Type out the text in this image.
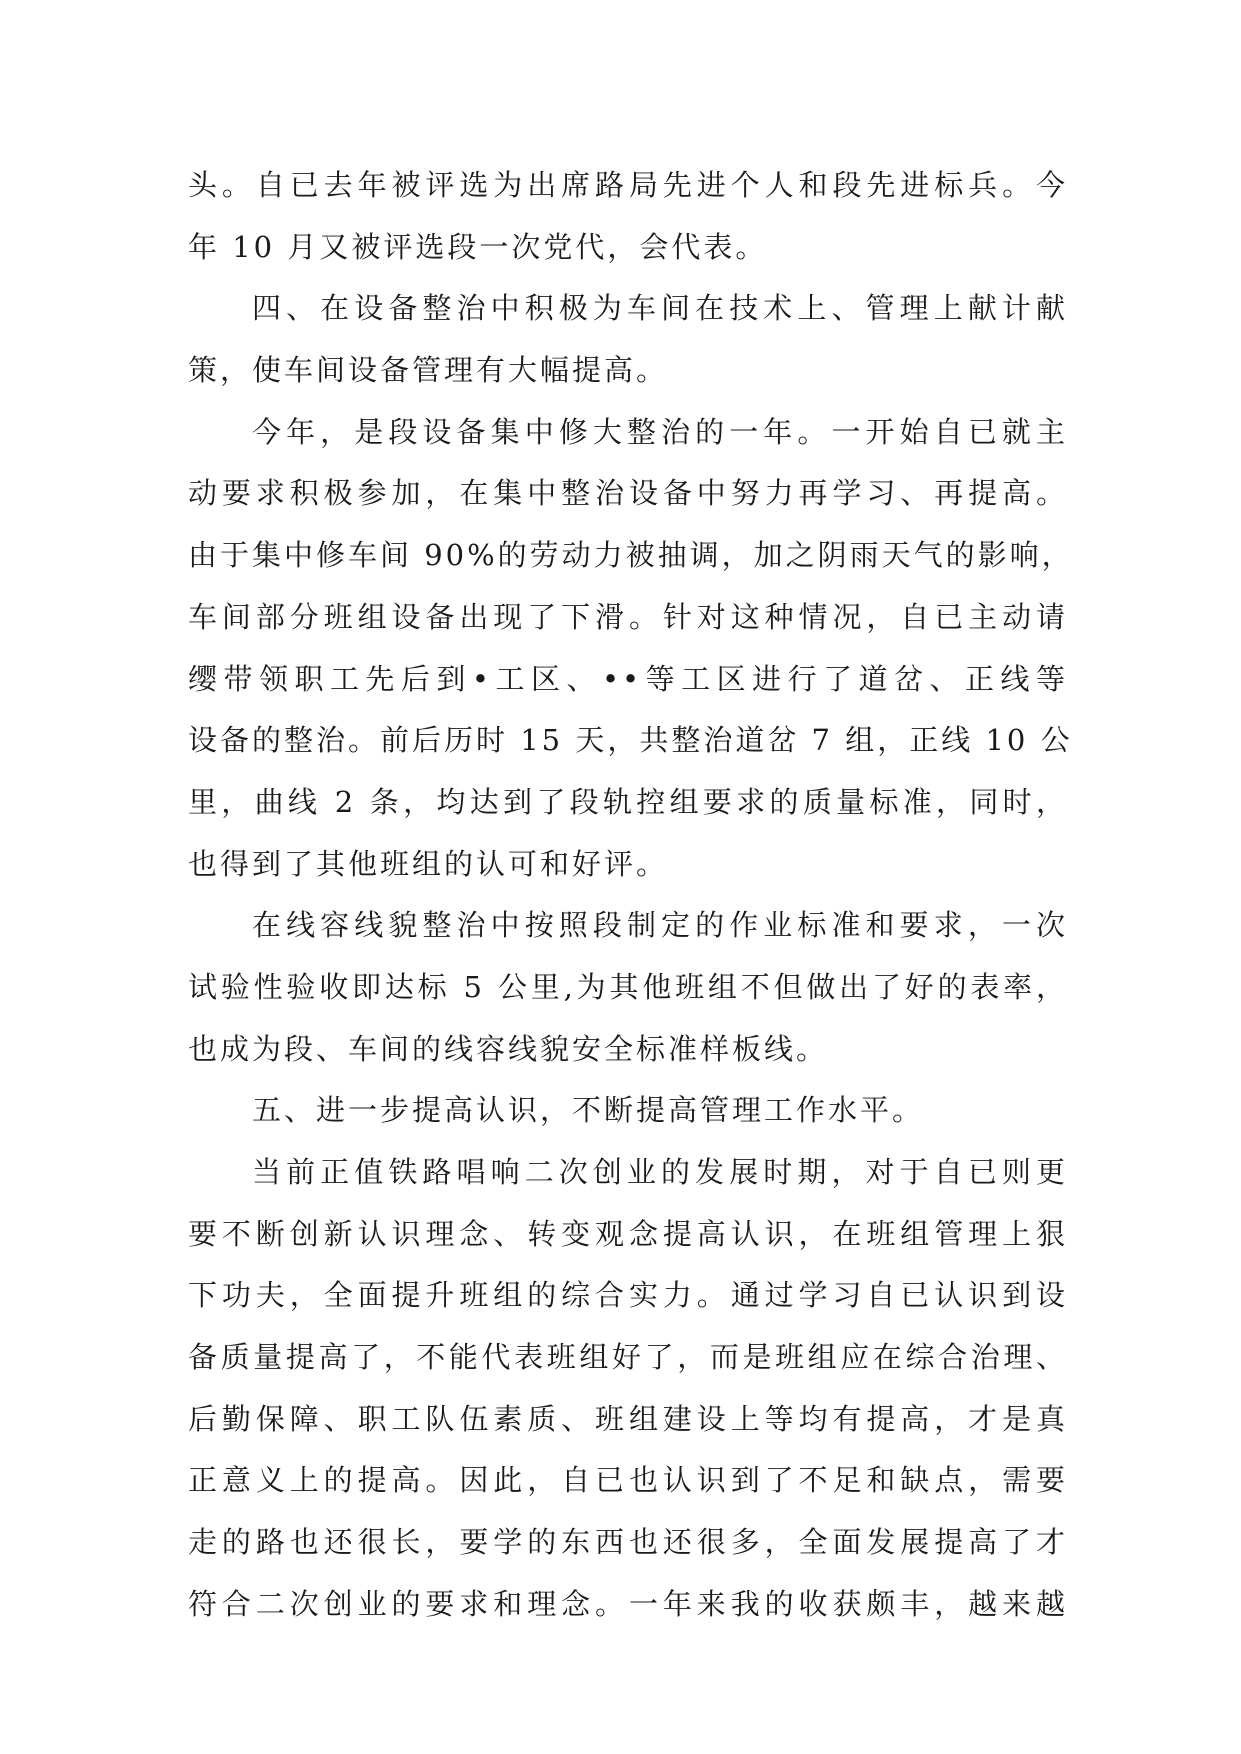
头。自已去年被评选为出席路局先进个人和段先进标兵。今
年 10 月又被评选段一次党代，会代表。
四、在设备整治中积极为车间在技术上、管理上献计献
策，使车间设备管理有大幅提高。
今年，是段设备集中修大整治的一年。一开始自已就主
动要求积极参加，在集中整治设备中努力再学习、再提高。
由于集中修车间 90%的劳动力被抽调，加之阴雨天气的影响，
车间部分班组设备出现了下滑。针对这种情况，自已主动请
缨带领职工先后到•工区、••等工区进行了道岔、正线等
设备的整治。前后历时 15 天，共整治道岔 7 组，正线 10 公
里，曲线 2 条，均达到了段轨控组要求的质量标准，同时，
也得到了其他班组的认可和好评。
在线容线貌整治中按照段制定的作业标准和要求，一次
试验性验收即达标 5 公里,为其他班组不但做出了好的表率，
也成为段、车间的线容线貌安全标准样板线。
五、进一步提高认识，不断提高管理工作水平。
当前正值铁路唱响二次创业的发展时期，对于自已则更
要不断创新认识理念、转变观念提高认识，在班组管理上狠
下功夫，全面提升班组的综合实力。通过学习自已认识到设
备质量提高了，不能代表班组好了，而是班组应在综合治理、
后勤保障、职工队伍素质、班组建设上等均有提高，才是真
正意义上的提高。因此，自已也认识到了不足和缺点，需要
走的路也还很长，要学的东西也还很多，全面发展提高了才
符合二次创业的要求和理念。一年来我的收获颇丰，越来越
